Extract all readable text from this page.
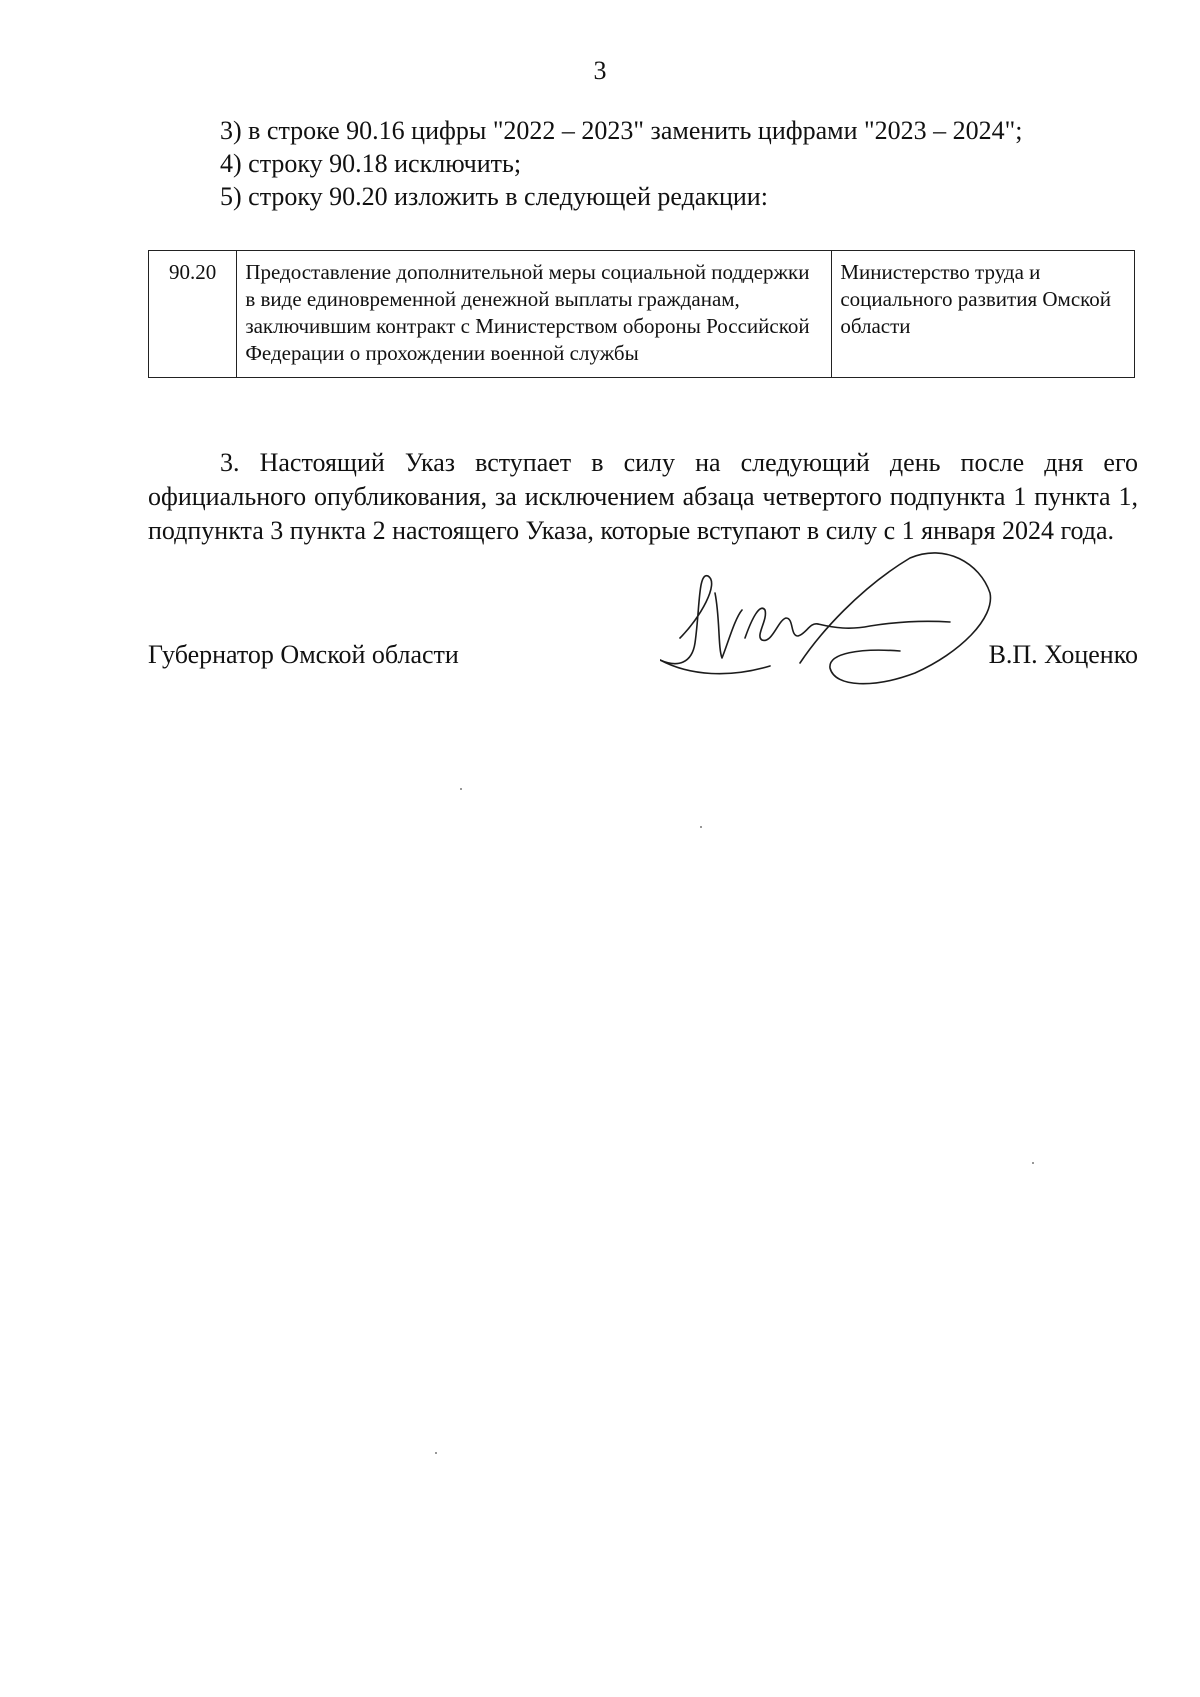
3
3) в строке 90.16 цифры "2022 – 2023" заменить цифрами "2023 – 2024";
4) строку 90.18 исключить;
5) строку 90.20 изложить в следующей редакции:
90.20	Предоставление дополнительной меры социальной поддержки в виде единовременной денежной выплаты гражданам, заключившим контракт с Министерством обороны Российской Федерации о прохождении военной службы	Министерство труда и социального развития Омской области
3. Настоящий Указ вступает в силу на следующий день после дня его официального опубликования, за исключением абзаца четвертого подпункта 1 пункта 1, подпункта 3 пункта 2 настоящего Указа, которые вступают в силу с 1 января 2024 года.
Губернатор Омской области	В.П. Хоценко
